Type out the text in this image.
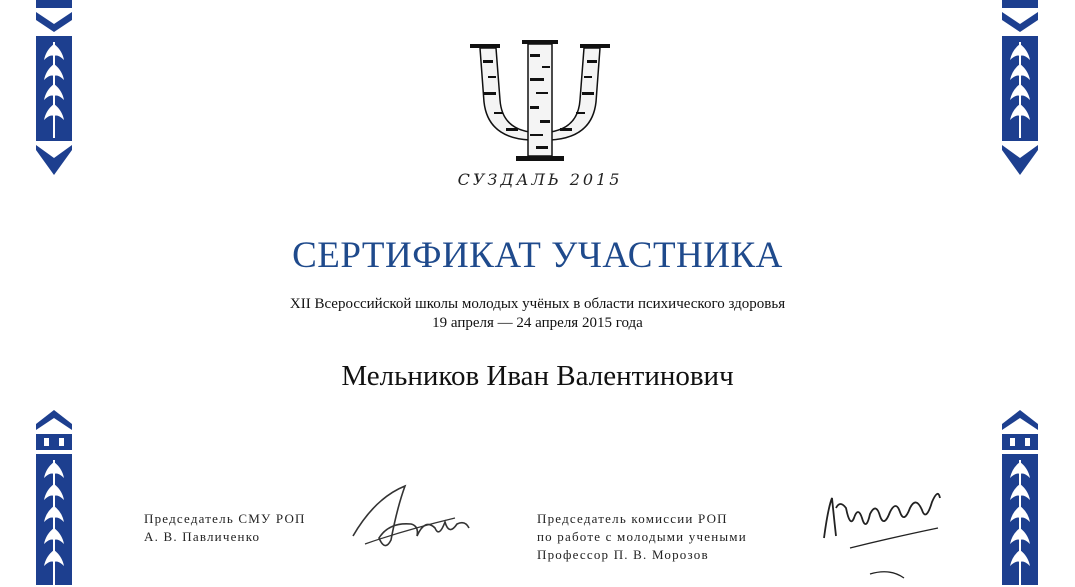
СУЗДАЛЬ 2015
СЕРТИФИКАТ УЧАСТНИКА
XII Всероссийской школы молодых учёных в области психического здоровья
19 апреля — 24 апреля 2015 года
Мельников Иван Валентинович
Председатель СМУ РОП
А. В. Павличенко
Председатель комиссии РОП
по работе с молодыми учеными
Профессор П. В. Морозов
